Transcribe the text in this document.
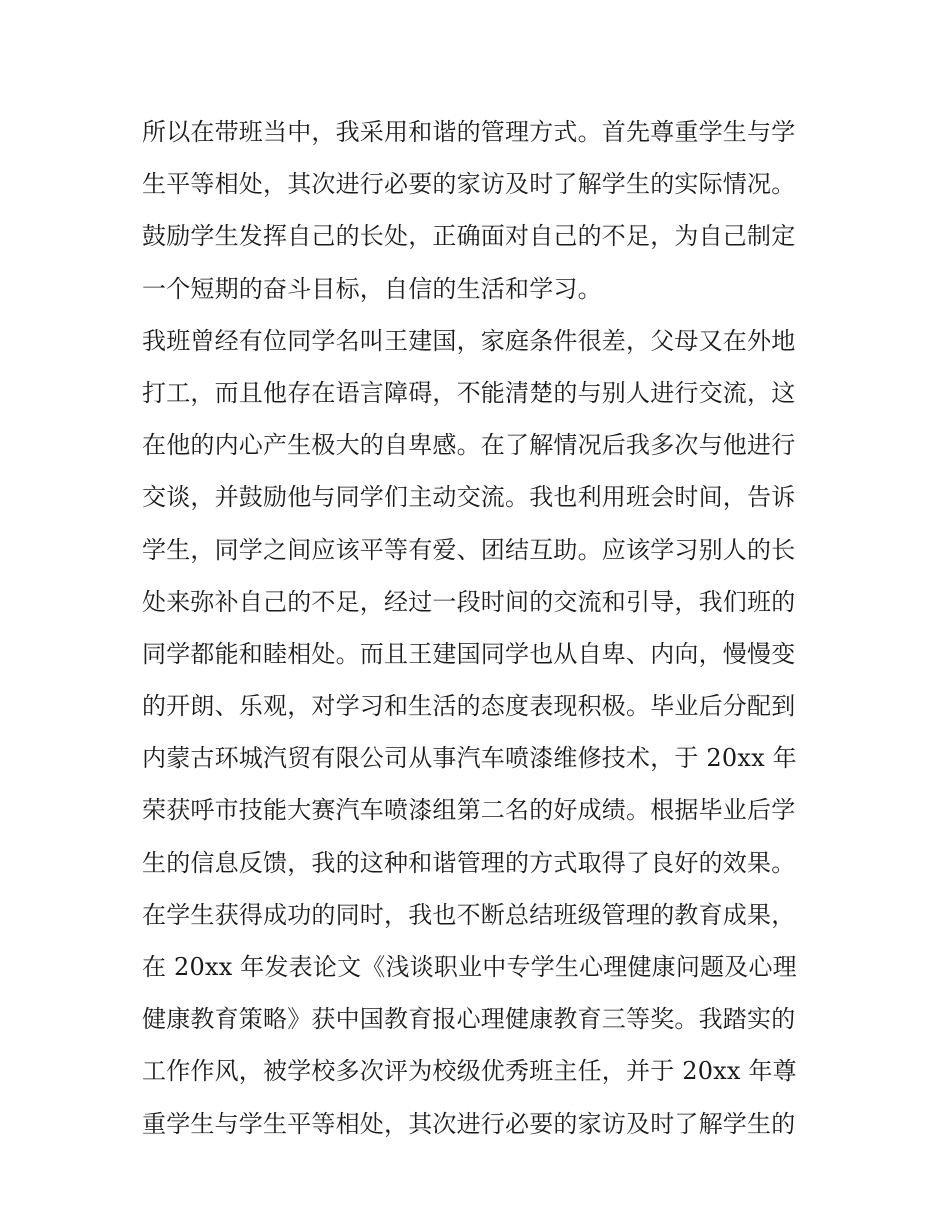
所以在带班当中，我采用和谐的管理方式。首先尊重学生与学
生平等相处，其次进行必要的家访及时了解学生的实际情况。
鼓励学生发挥自己的长处，正确面对自己的不足，为自己制定
一个短期的奋斗目标，自信的生活和学习。
我班曾经有位同学名叫王建国，家庭条件很差，父母又在外地
打工，而且他存在语言障碍，不能清楚的与别人进行交流，这
在他的内心产生极大的自卑感。在了解情况后我多次与他进行
交谈，并鼓励他与同学们主动交流。我也利用班会时间，告诉
学生，同学之间应该平等有爱、团结互助。应该学习别人的长
处来弥补自己的不足，经过一段时间的交流和引导，我们班的
同学都能和睦相处。而且王建国同学也从自卑、内向，慢慢变
的开朗、乐观，对学习和生活的态度表现积极。毕业后分配到
内蒙古环城汽贸有限公司从事汽车喷漆维修技术，于 20xx 年
荣获呼市技能大赛汽车喷漆组第二名的好成绩。根据毕业后学
生的信息反馈，我的这种和谐管理的方式取得了良好的效果。
在学生获得成功的同时，我也不断总结班级管理的教育成果，
在 20xx 年发表论文《浅谈职业中专学生心理健康问题及心理
健康教育策略》获中国教育报心理健康教育三等奖。我踏实的
工作作风，被学校多次评为校级优秀班主任，并于 20xx 年尊
重学生与学生平等相处，其次进行必要的家访及时了解学生的
